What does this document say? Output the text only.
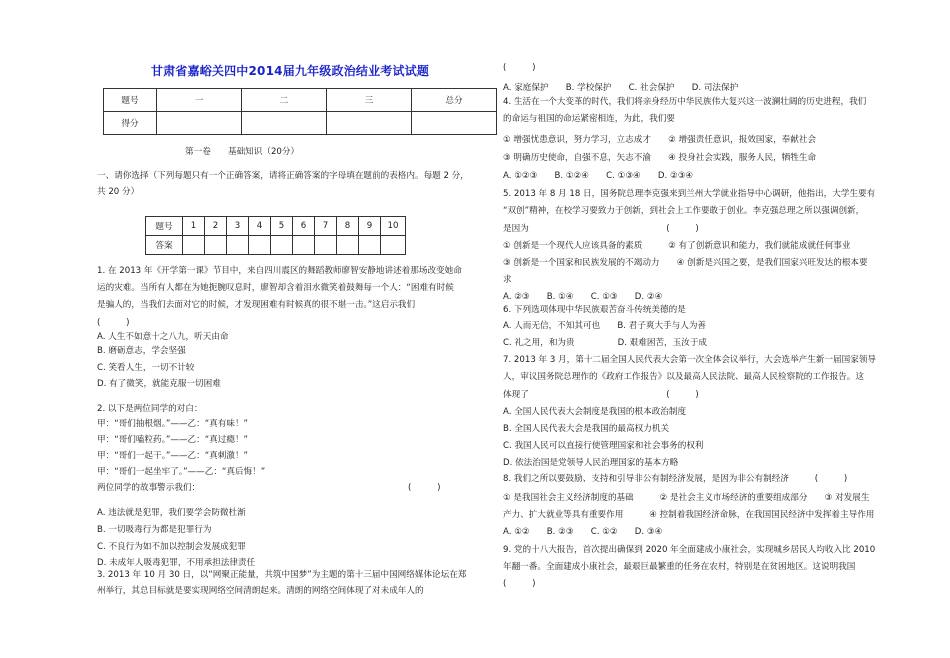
甘肃省嘉峪关四中2014届九年级政治结业考试试题
题号	一	二	三	总分
得分				
第一卷　　基础知识（20分）
一、请你选择（下列每题只有一个正确答案，请将正确答案的字母填在题前的表格内。每题 2 分，
共 20 分）
题号	1	2	3	4	5	6	7	8	9	10
答案										
1. 在 2013 年《开学第一课》节目中，来自四川震区的舞蹈教师廖智安静地讲述着那场改变她命
运的灾难。当所有人都在为她扼腕叹息时，廖智却含着泪水微笑着鼓舞每一个人：“困难有时候
是骗人的，当我们去面对它的时候，才发现困难有时候真的很不堪一击。”这启示我们
(　　　)
A. 人生不如意十之八九，听天由命
B. 磨砺意志，学会坚强
C. 笑看人生，一切不计较
D. 有了微笑，就能克服一切困难
2. 以下是两位同学的对白：
甲：“哥们抽根烟。”——乙：“真有味！”
甲：“哥们嗑粒药。”——乙：“真过瘾！”
甲：“哥们一起干。”——乙：“真刺激！”
甲：“哥们一起坐牢了。”——乙：“真后悔！”
两位同学的故事警示我们：	(　　　)
A. 违法就是犯罪，我们要学会防微杜渐
B. 一切吸毒行为都是犯罪行为
C. 不良行为如不加以控制会发展成犯罪
D. 未成年人吸毒犯罪，不用承担法律责任
3. 2013 年 10 月 30 日，以“网聚正能量，共筑中国梦”为主题的第十三届中国网络媒体论坛在郑
州举行，其总目标就是要实现网络空间清朗起来。清朗的网络空间体现了对未成年人的
(　　　)
A. 家庭保护　　B. 学校保护　　C. 社会保护　　D. 司法保护
4. 生活在一个大变革的时代，我们将亲身经历中华民族伟大复兴这一波澜壮阔的历史进程，我们
的命运与祖国的命运紧密相连，为此，我们要
① 增强忧患意识，努力学习，立志成才　　② 增强责任意识，报效国家，奉献社会
③ 明确历史使命，自强不息，矢志不渝　　④ 投身社会实践，服务人民，牺牲生命
A. ①②③　　B. ①②④　　C. ①③④　　D. ②③④
5. 2013 年 8 月 18 日，国务院总理李克强来到兰州大学就业指导中心调研，他指出，大学生要有
“双创”精神，在校学习要致力于创新，到社会上工作要敢于创业。李克强总理之所以强调创新，
是因为　　　　　　　　　　　　　　　　(　　　)
① 创新是一个现代人应该具备的素质　　　② 有了创新意识和能力，我们就能成就任何事业
③ 创新是一个国家和民族发展的不竭动力　　④ 创新是兴国之要，是我们国家兴旺发达的根本要
求
A. ②③　　B. ①④　　C. ①③　　D. ②④
6. 下列选项体现中华民族艰苦奋斗传统美德的是
A. 人而无信，不知其可也　　B. 君子爽大手与人为善
C. 礼之用，和为贵　　　　　D. 艰难困苦，玉汝于成
7. 2013 年 3 月，第十二届全国人民代表大会第一次全体会议举行，大会选举产生新一届国家领导
人，审议国务院总理作的《政府工作报告》以及最高人民法院、最高人民检察院的工作报告。这
体现了　　　　　　　　　　　　　　　　(　　　)
A. 全国人民代表大会制度是我国的根本政治制度
B. 全国人民代表大会是我国的最高权力机关
C. 我国人民可以直接行使管理国家和社会事务的权利
D. 依法治国是党领导人民治理国家的基本方略
8. 我们之所以要鼓励、支持和引导非公有制经济发展，是因为非公有制经济　　　(　　　)
① 是我国社会主义经济制度的基础　　　② 是社会主义市场经济的重要组成部分　　③ 对发展生
产力、扩大就业等具有重要作用　　　④ 控制着我国经济命脉，在我国国民经济中发挥着主导作用
A. ①②　　B. ②③　　C. ①②　　D. ③④
9. 党的十八大报告，首次提出确保到 2020 年全面建成小康社会，实现城乡居民人均收入比 2010
年翻一番。全面建成小康社会，最艰巨最繁重的任务在农村，特别是在贫困地区。这说明我国
(　　　)
